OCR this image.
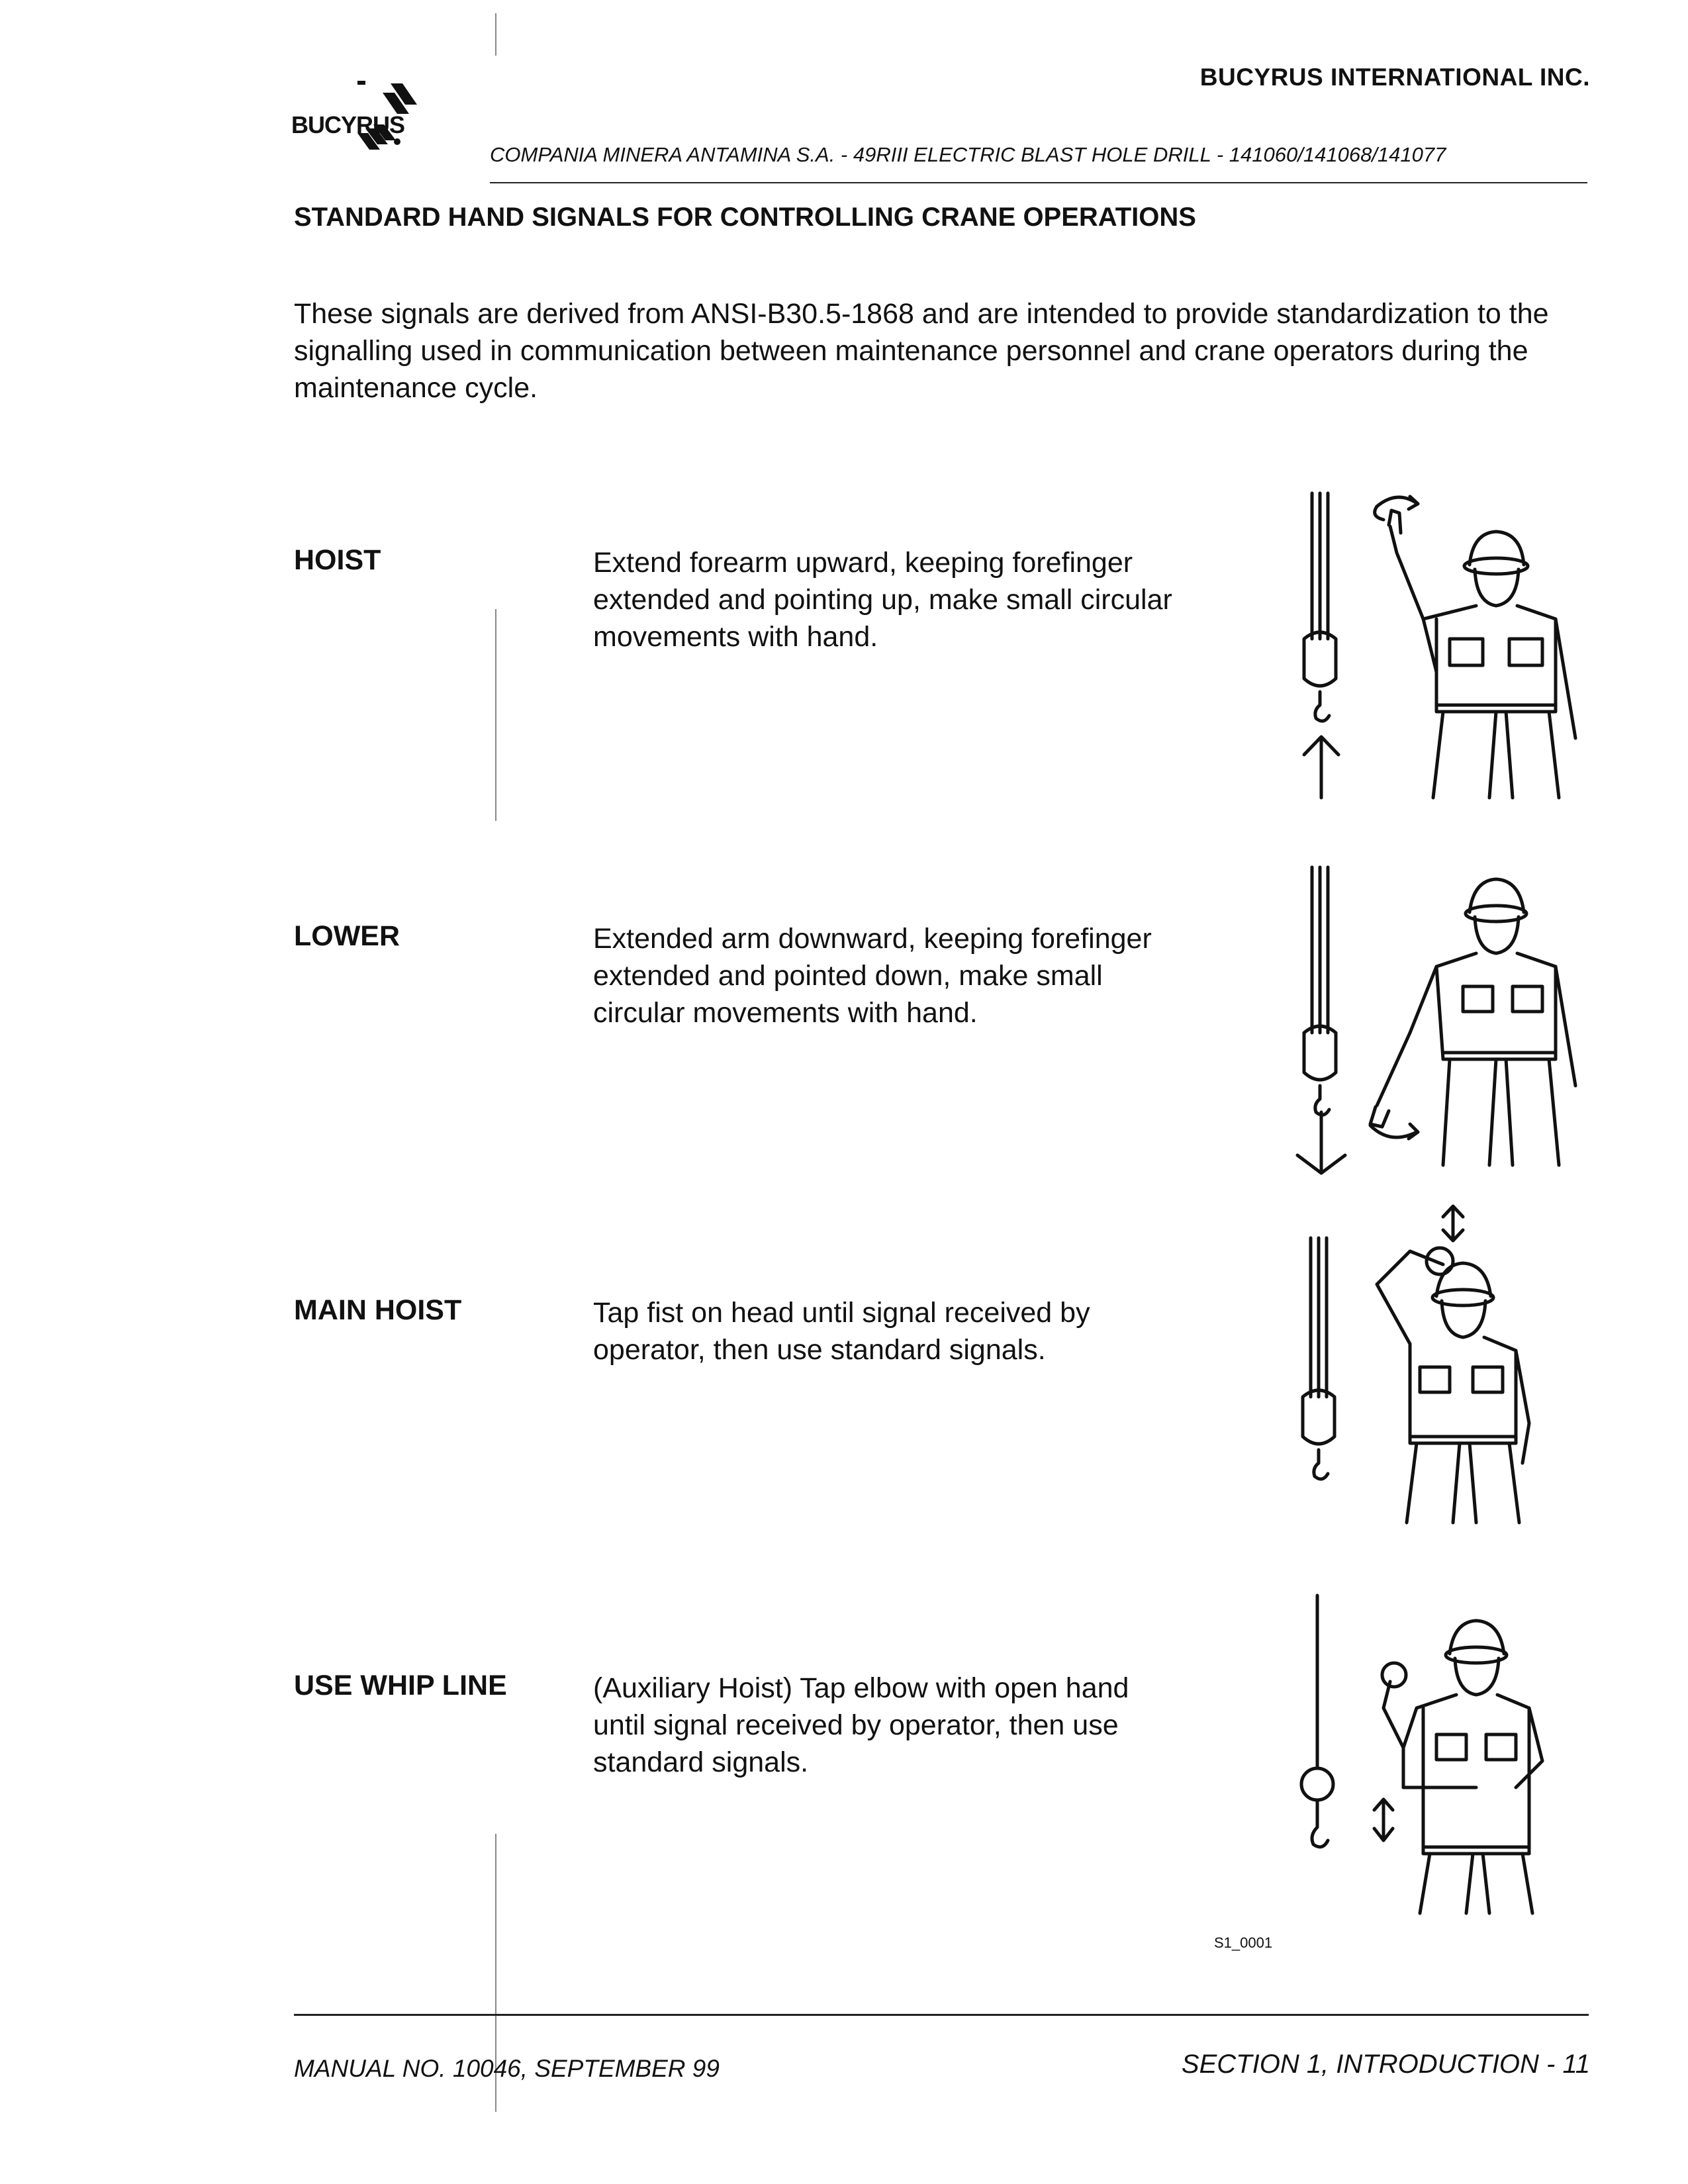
BUCYRUS INTERNATIONAL INC.
BUCYRUS
COMPANIA MINERA ANTAMINA S.A. - 49RIII ELECTRIC BLAST HOLE DRILL - 141060/141068/141077
STANDARD HAND SIGNALS FOR CONTROLLING CRANE OPERATIONS
These signals are derived from ANSI-B30.5-1868 and are intended to provide standardization to the signalling used in communication between maintenance personnel and crane operators during the maintenance cycle.
HOIST	Extend forearm upward, keeping forefinger extended and pointing up, make small circular movements with hand.
LOWER	Extended arm downward, keeping forefinger extended and pointed down, make small circular movements with hand.
MAIN HOIST	Tap fist on head until signal received by operator, then use standard signals.
USE WHIP LINE	(Auxiliary Hoist) Tap elbow with open hand until signal received by operator, then use standard signals.
S1_0001
MANUAL NO. 10046, SEPTEMBER 99	SECTION 1, INTRODUCTION - 11
